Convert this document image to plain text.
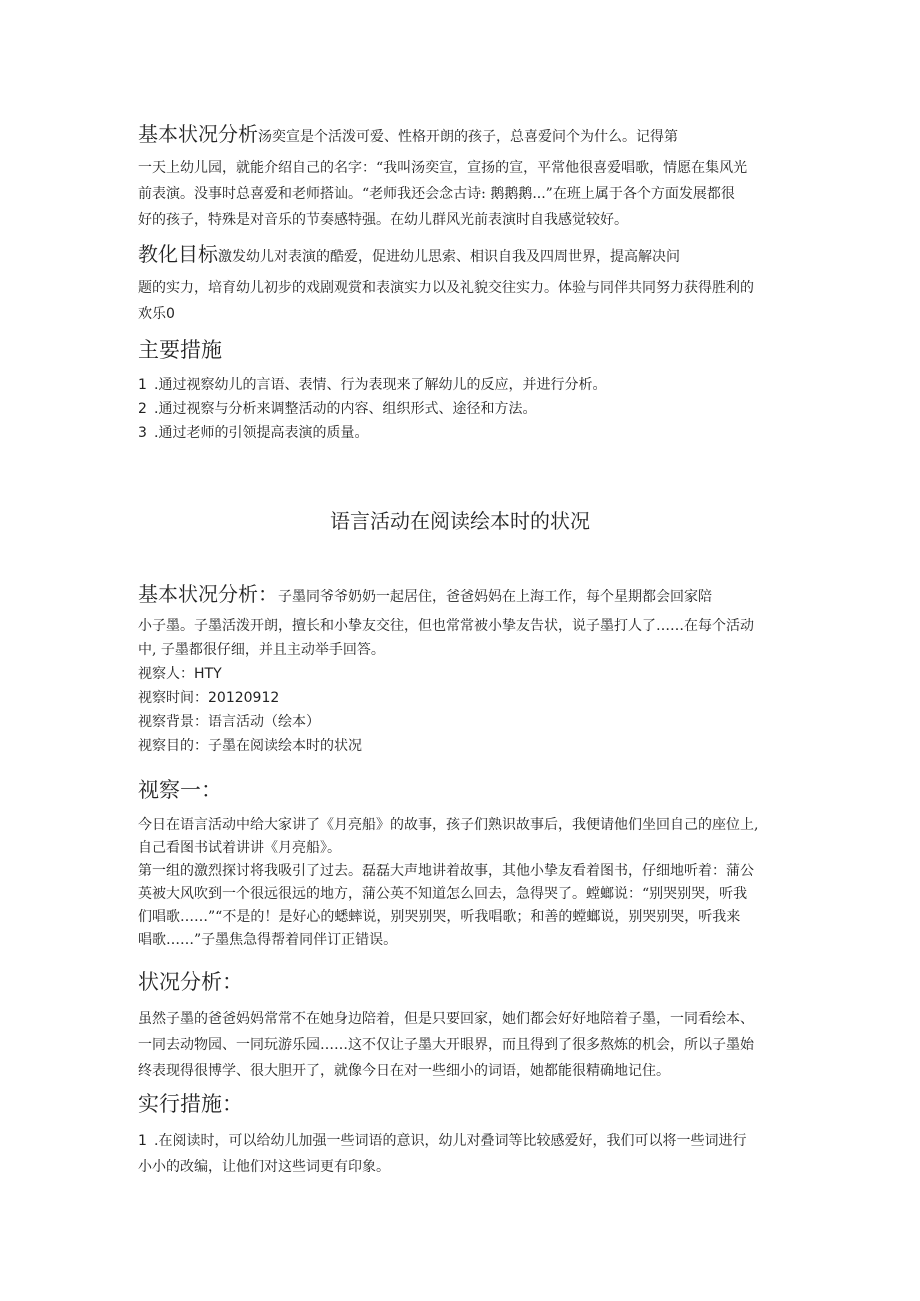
基本状况分析汤奕宣是个活泼可爱、性格开朗的孩子，总喜爱问个为什么。记得第
一天上幼儿园，就能介绍自己的名字：“我叫汤奕宣，宣扬的宣，平常他很喜爱唱歌，情愿在集风光
前表演。没事时总喜爱和老师搭讪。“老师我还会念古诗: 鹅鹅鹅...”在班上属于各个方面发展都很
好的孩子，特殊是对音乐的节奏感特强。在幼儿群风光前表演时自我感觉较好。
教化目标激发幼儿对表演的酷爱，促进幼儿思索、相识自我及四周世界，提高解决问
题的实力，培育幼儿初步的戏剧观赏和表演实力以及礼貌交往实力。体验与同伴共同努力获得胜利的
欢乐0
主要措施
1 .通过视察幼儿的言语、表情、行为表现来了解幼儿的反应，并进行分析。
2 .通过视察与分析来调整活动的内容、组织形式、途径和方法。
3 .通过老师的引领提高表演的质量。
语言活动在阅读绘本时的状况
基本状况分析：子墨同爷爷奶奶一起居住，爸爸妈妈在上海工作，每个星期都会回家陪
小子墨。子墨活泼开朗，擅长和小挚友交往，但也常常被小挚友告状，说子墨打人了……在每个活动
中, 子墨都很仔细，并且主动举手回答。
视察人：HTY
视察时间：20120912
视察背景：语言活动（绘本）
视察目的：子墨在阅读绘本时的状况
视察一：
今日在语言活动中给大家讲了《月亮船》的故事，孩子们熟识故事后，我便请他们坐回自己的座位上,
自己看图书试着讲讲《月亮船》。
第一组的激烈探讨将我吸引了过去。磊磊大声地讲着故事，其他小挚友看着图书，仔细地听着：蒲公
英被大风吹到一个很远很远的地方，蒲公英不知道怎么回去，急得哭了。螳螂说：“别哭别哭，听我
们唱歌……”“不是的！是好心的蟋蟀说，别哭别哭，听我唱歌；和善的螳螂说，别哭别哭，听我来
唱歌……”子墨焦急得帮着同伴订正错误。
状况分析：
虽然子墨的爸爸妈妈常常不在她身边陪着，但是只要回家，她们都会好好地陪着子墨，一同看绘本、
一同去动物园、一同玩游乐园……这不仅让子墨大开眼界，而且得到了很多熬炼的机会，所以子墨始
终表现得很博学、很大胆开了，就像今日在对一些细小的词语，她都能很精确地记住。
实行措施：
1 .在阅读时，可以给幼儿加强一些词语的意识，幼儿对叠词等比较感爱好，我们可以将一些词进行
小小的改编，让他们对这些词更有印象。
